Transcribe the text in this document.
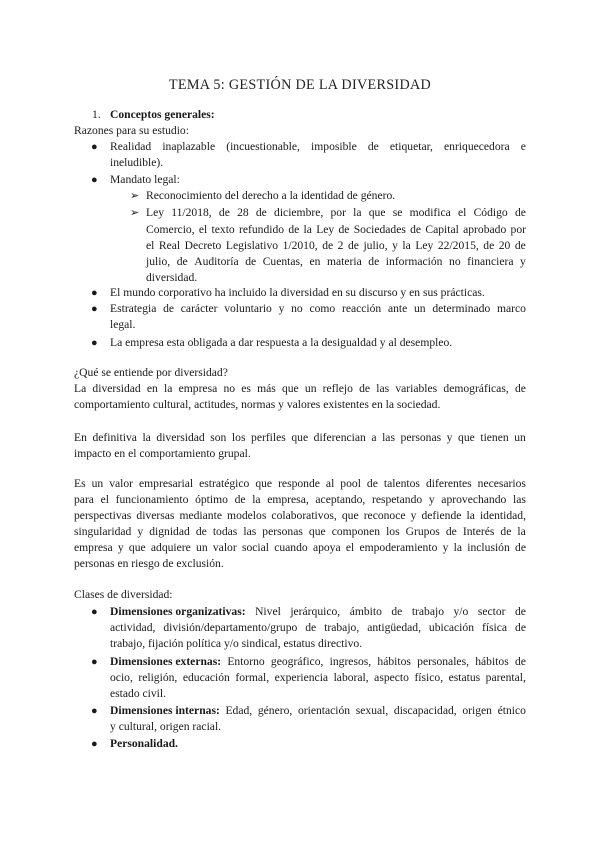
TEMA 5: GESTIÓN DE LA DIVERSIDAD
1. Conceptos generales:
Razones para su estudio:
● Realidad inaplazable (incuestionable, imposible de etiquetar, enriquecedora e
ineludible).
● Mandato legal:
➢ Reconocimiento del derecho a la identidad de género.
➢ Ley 11/2018, de 28 de diciembre, por la que se modifica el Código de
Comercio, el texto refundido de la Ley de Sociedades de Capital aprobado por
el Real Decreto Legislativo 1/2010, de 2 de julio, y la Ley 22/2015, de 20 de
julio, de Auditoría de Cuentas, en materia de información no financiera y
diversidad.
● El mundo corporativo ha incluido la diversidad en su discurso y en sus prácticas.
● Estrategia de carácter voluntario y no como reacción ante un determinado marco
legal.
● La empresa esta obligada a dar respuesta a la desigualdad y al desempleo.
¿Qué se entiende por diversidad?
La diversidad en la empresa no es más que un reflejo de las variables demográficas, de
comportamiento cultural, actitudes, normas y valores existentes en la sociedad.
En definitiva la diversidad son los perfiles que diferencian a las personas y que tienen un
impacto en el comportamiento grupal.
Es un valor empresarial estratégico que responde al pool de talentos diferentes necesarios
para el funcionamiento óptimo de la empresa, aceptando, respetando y aprovechando las
perspectivas diversas mediante modelos colaborativos, que reconoce y defiende la identidad,
singularidad y dignidad de todas las personas que componen los Grupos de Interés de la
empresa y que adquiere un valor social cuando apoya el empoderamiento y la inclusión de
personas en riesgo de exclusión.
Clases de diversidad:
● Dimensiones organizativas: Nivel jerárquico, ámbito de trabajo y/o sector de
actividad, división/departamento/grupo de trabajo, antigüedad, ubicación física de
trabajo, fijación política y/o sindical, estatus directivo.
● Dimensiones externas: Entorno geográfico, ingresos, hábitos personales, hábitos de
ocio, religión, educación formal, experiencia laboral, aspecto físico, estatus parental,
estado civil.
● Dimensiones internas: Edad, género, orientación sexual, discapacidad, origen étnico
y cultural, origen racial.
● Personalidad.
